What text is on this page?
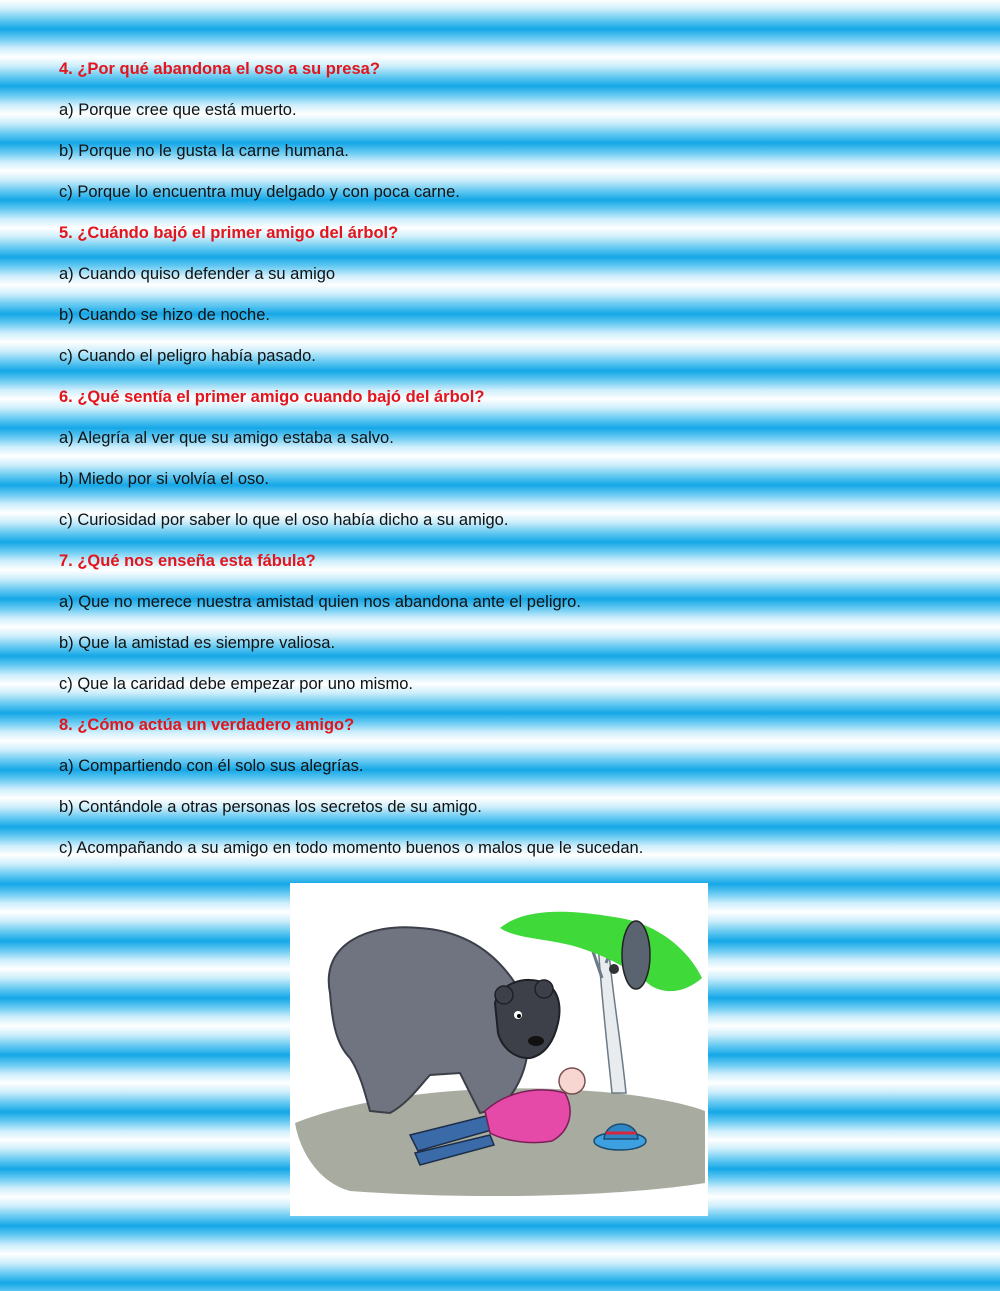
4. ¿Por qué abandona el oso a su presa?

a) Porque cree que está muerto.
b) Porque no le gusta la carne humana.
c) Porque lo encuentra muy delgado y con poca carne.

5. ¿Cuándo bajó el primer amigo del árbol?

a) Cuando quiso defender a su amigo
b) Cuando se hizo de noche.
c) Cuando el peligro había pasado.

6. ¿Qué sentía el primer amigo cuando bajó del árbol?

a) Alegría al ver que su amigo estaba a salvo.
b) Miedo por si volvía el oso.
c) Curiosidad por saber lo que el oso había dicho a su amigo.

7. ¿Qué nos enseña esta fábula?

a) Que no merece nuestra amistad quien nos abandona ante el peligro.
b) Que la amistad es siempre valiosa.
c) Que la caridad debe empezar por uno mismo.

8. ¿Cómo actúa un verdadero amigo?

a) Compartiendo con él solo sus alegrías.
b) Contándole a otras personas los secretos de su amigo.
c) Acompañando a su amigo en todo momento buenos o malos que le sucedan.
